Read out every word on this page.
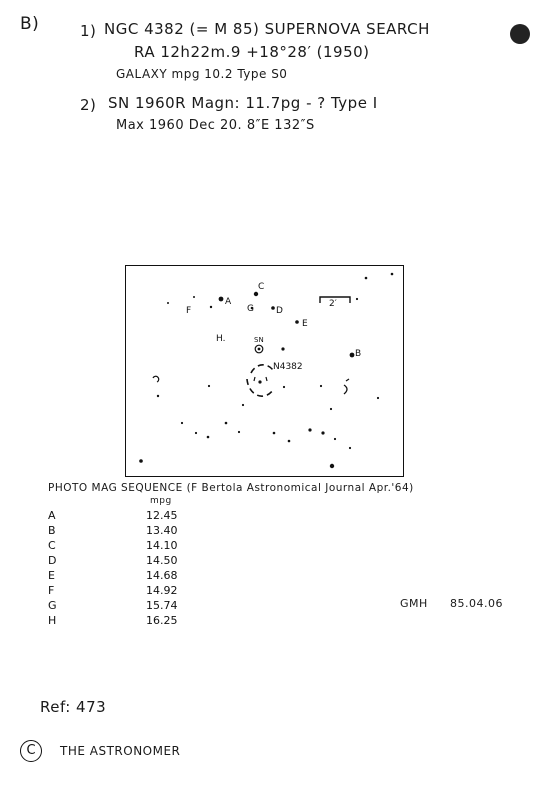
B)	1) NGC 4382 (= M 85) SUPERNOVA SEARCH
RA 12h22m.9 +18°28′ (1950)
GALAXY mpg 10.2 Type S0
2) SN 1960R Magn: 11.7pg - ? Type I
Max 1960 Dec 20. 8″E 132″S
2′
C
A
F	G D
E
H.
B
SN
N4382
PHOTO MAG SEQUENCE (F Bertola Astronomical Journal Apr.'64)
mpg
A	12.45
B	13.40
C	14.10
D	14.50
E	14.68
F	14.92
G	15.74
H	16.25
GMH 85.04.06
Ref: 473
C	THE ASTRONOMER
